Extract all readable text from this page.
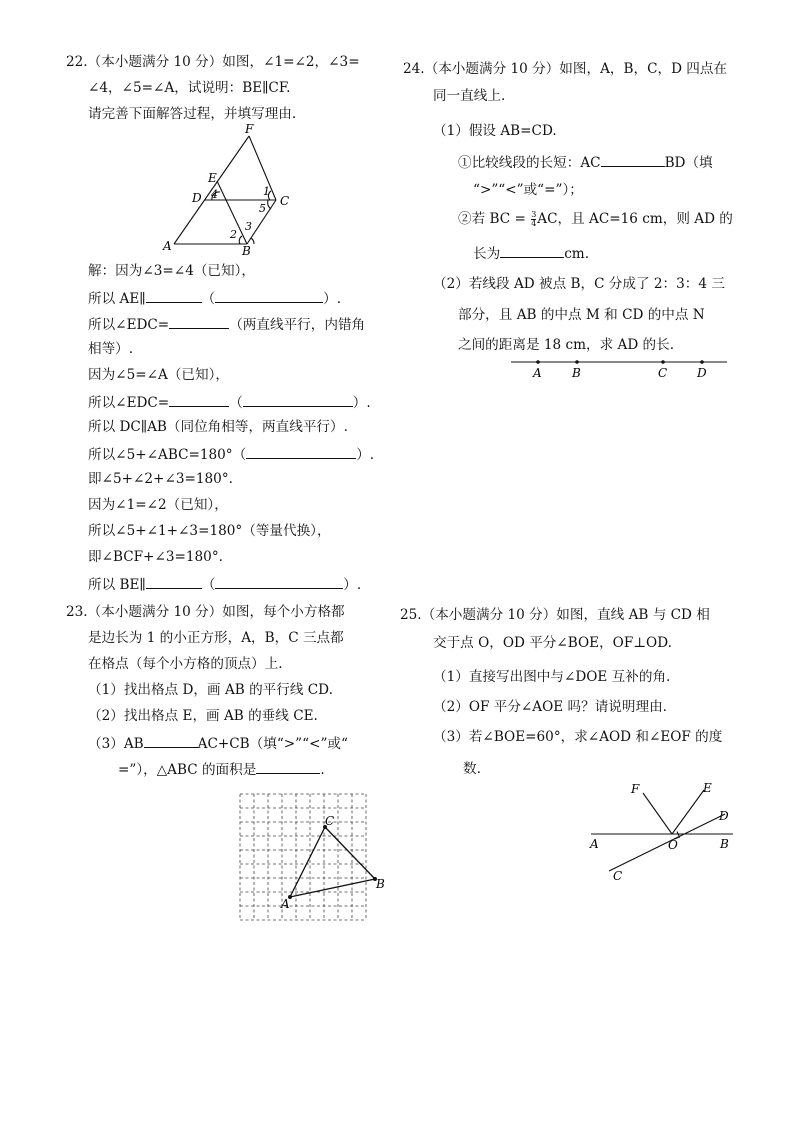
22.（本小题满分 10 分）如图，∠1=∠2，∠3=
∠4，∠5=∠A，试说明：BE∥CF.
请完善下面解答过程，并填写理由.
F
E
D	C
A	B
1
2
3
4
5
解：因为∠3=∠4（已知），
所以 AE∥	（	）.
所以∠EDC=	（两直线平行，内错角
相等）.
因为∠5=∠A（已知），
所以∠EDC=	（	）.
所以 DC∥AB（同位角相等，两直线平行）.
所以∠5+∠ABC=180°（	）.
即∠5+∠2+∠3=180°.
因为∠1=∠2（已知），
所以∠5+∠1+∠3=180°（等量代换），
即∠BCF+∠3=180°.
所以 BE∥	（	）.
23.（本小题满分 10 分）如图，每个小方格都
是边长为 1 的小正方形，A，B，C 三点都
在格点（每个小方格的顶点）上.
（1）找出格点 D，画 AB 的平行线 CD.
（2）找出格点 E，画 AB 的垂线 CE.
（3）AB	AC+CB（填“>”“<”或“
=”），△ABC 的面积是	.
A
B
C
24.（本小题满分 10 分）如图，A，B，C，D 四点在
同一直线上.
（1）假设 AB=CD.
①比较线段的长短：AC	BD（填
“>”“<”或“=”）；
②若 BC = $\frac{3}{4}$ AC，且 AC=16 cm，则 AD 的
长为	cm.
（2）若线段 AD 被点 B，C 分成了 2：3：4 三
部分，且 AB 的中点 M 和 CD 的中点 N
之间的距离是 18 cm，求 AD 的长.
A	B	C D
25.（本小题满分 10 分）如图，直线 AB 与 CD 相
交于点 O，OD 平分∠BOE，OF⊥OD.
（1）直接写出图中与∠DOE 互补的角.
（2）OF 平分∠AOE 吗？请说明理由.
（3）若∠BOE=60°，求∠AOD 和∠EOF 的度
数.
F	E
D
A	O	B
C
